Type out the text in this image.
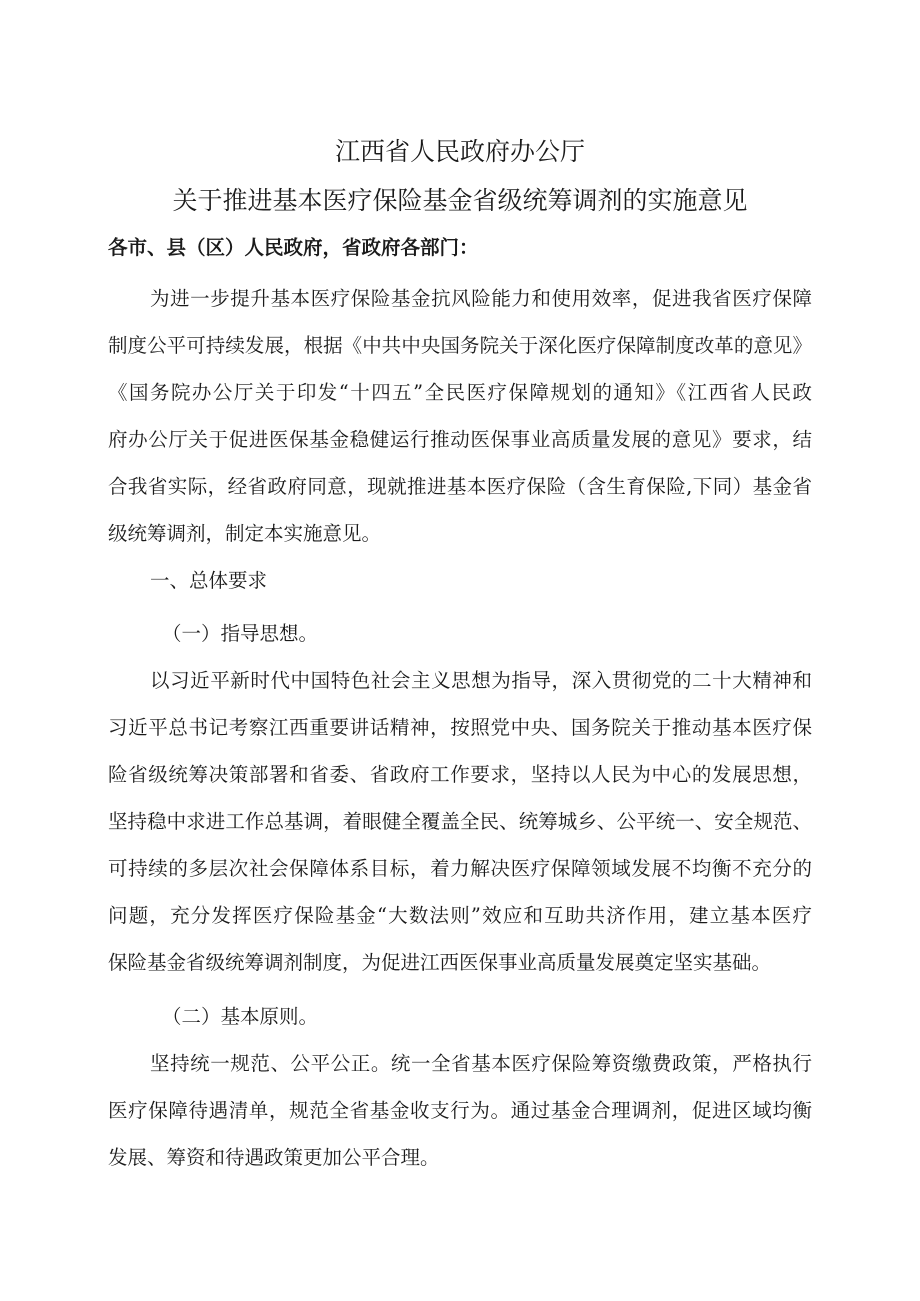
江西省人民政府办公厅
关于推进基本医疗保险基金省级统筹调剂的实施意见

各市、县（区）人民政府，省政府各部门：

为进一步提升基本医疗保险基金抗风险能力和使用效率，促进我省医疗保障

制度公平可持续发展，根据《中共中央国务院关于深化医疗保障制度改革的意见》

《国务院办公厅关于印发“十四五”全民医疗保障规划的通知》《江西省人民政

府办公厅关于促进医保基金稳健运行推动医保事业高质量发展的意见》要求，结

合我省实际，经省政府同意，现就推进基本医疗保险（含生育保险,下同）基金省

级统筹调剂，制定本实施意见。

一、总体要求

（一）指导思想。

以习近平新时代中国特色社会主义思想为指导，深入贯彻党的二十大精神和

习近平总书记考察江西重要讲话精神，按照党中央、国务院关于推动基本医疗保

险省级统筹决策部署和省委、省政府工作要求，坚持以人民为中心的发展思想，

坚持稳中求进工作总基调，着眼健全覆盖全民、统筹城乡、公平统一、安全规范、

可持续的多层次社会保障体系目标，着力解决医疗保障领域发展不均衡不充分的

问题，充分发挥医疗保险基金“大数法则”效应和互助共济作用，建立基本医疗

保险基金省级统筹调剂制度，为促进江西医保事业高质量发展奠定坚实基础。

（二）基本原则。

坚持统一规范、公平公正。统一全省基本医疗保险筹资缴费政策，严格执行

医疗保障待遇清单，规范全省基金收支行为。通过基金合理调剂，促进区域均衡

发展、筹资和待遇政策更加公平合理。
